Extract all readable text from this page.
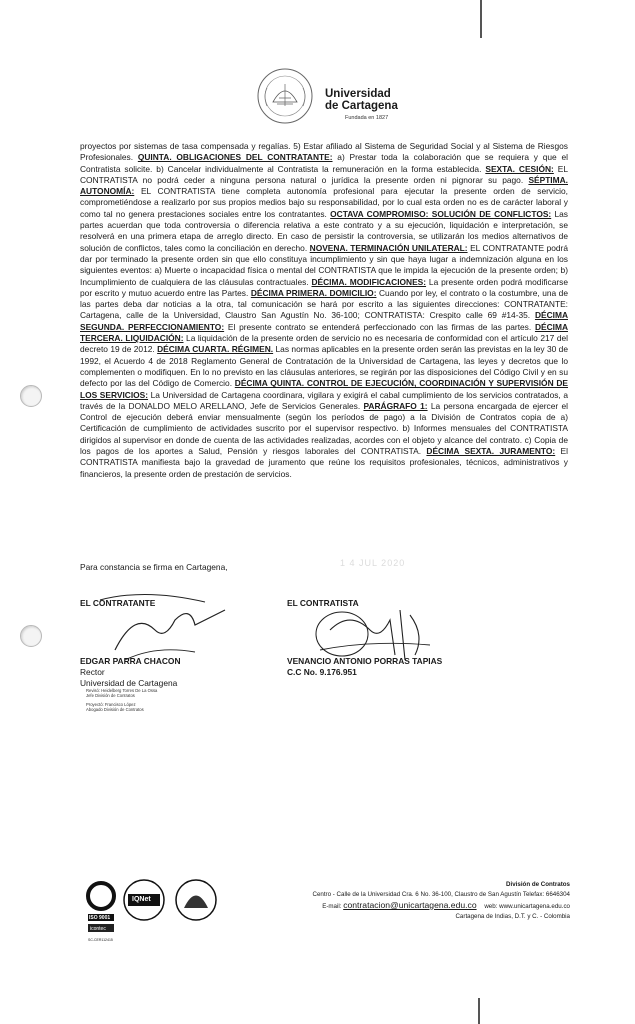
Universidad
de Cartagena
Fundada en 1827
proyectos por sistemas de tasa compensada y regalías. 5) Estar afiliado al Sistema de Seguridad Social y al Sistema de Riesgos Profesionales. QUINTA. OBLIGACIONES DEL CONTRATANTE: a) Prestar toda la colaboración que se requiera y que el Contratista solicite. b) Cancelar individualmente al Contratista la remuneración en la forma establecida. SEXTA. CESIÓN: EL CONTRATISTA no podrá ceder a ninguna persona natural o jurídica la presente orden ni pignorar su pago. SÉPTIMA. AUTONOMÍA: EL CONTRATISTA tiene completa autonomía profesional para ejecutar la presente orden de servicio, comprometiéndose a realizarlo por sus propios medios bajo su responsabilidad, por lo cual esta orden no es de carácter laboral y como tal no genera prestaciones sociales entre los contratantes. OCTAVA COMPROMISO: SOLUCIÓN DE CONFLICTOS: Las partes acuerdan que toda controversia o diferencia relativa a este contrato y a su ejecución, liquidación e interpretación, se resolverá en una primera etapa de arreglo directo. En caso de persistir la controversia, se utilizarán los medios alternativos de solución de conflictos, tales como la conciliación en derecho. NOVENA. TERMINACIÓN UNILATERAL: EL CONTRATANTE podrá dar por terminado la presente orden sin que ello constituya incumplimiento y sin que haya lugar a indemnización alguna en los siguientes eventos: a) Muerte o incapacidad física o mental del CONTRATISTA que le impida la ejecución de la presente orden; b) Incumplimiento de cualquiera de las cláusulas contractuales. DÉCIMA. MODIFICACIONES: La presente orden podrá modificarse por escrito y mutuo acuerdo entre las Partes. DÉCIMA PRIMERA. DOMICILIO: Cuando por ley, el contrato o la costumbre, una de las partes deba dar noticias a la otra, tal comunicación se hará por escrito a las siguientes direcciones: CONTRATANTE: Cartagena, calle de la Universidad, Claustro San Agustín No. 36-100; CONTRATISTA: Crespito calle 69 #14-35. DÉCIMA SEGUNDA. PERFECCIONAMIENTO: El presente contrato se entenderá perfeccionado con las firmas de las partes. DÉCIMA TERCERA. LIQUIDACIÓN: La liquidación de la presente orden de servicio no es necesaria de conformidad con el artículo 217 del decreto 19 de 2012. DÉCIMA CUARTA. RÉGIMEN. Las normas aplicables en la presente orden serán las previstas en la ley 30 de 1992, el Acuerdo 4 de 2018 Reglamento General de Contratación de la Universidad de Cartagena, las leyes y decretos que lo complementen o modifiquen. En lo no previsto en las cláusulas anteriores, se regirán por las disposiciones del Código Civil y en su defecto por las del Código de Comercio. DÉCIMA QUINTA. CONTROL DE EJECUCIÓN, COORDINACIÓN Y SUPERVISIÓN DE LOS SERVICIOS: La Universidad de Cartagena coordinara, vigilara y exigirá el cabal cumplimiento de los servicios contratados, a través de la DONALDO MELO ARELLANO, Jefe de Servicios Generales. PARÁGRAFO 1: La persona encargada de ejercer el Control de ejecución deberá enviar mensualmente (según los períodos de pago) a la División de Contratos copia de a) Certificación de cumplimiento de actividades suscrito por el supervisor respectivo. b) Informes mensuales del CONTRATISTA dirigidos al supervisor en donde de cuenta de las actividades realizadas, acordes con el objeto y alcance del contrato. c) Copia de los pagos de los aportes a Salud, Pensión y riesgos laborales del CONTRATISTA. DÉCIMA SEXTA. JURAMENTO: El CONTRATISTA manifiesta bajo la gravedad de juramento que reúne los requisitos profesionales, técnicos, administrativos y financieros, la presente orden de prestación de servicios.
Para constancia se firma en Cartagena,	1 4 JUL 2020
EL CONTRATANTE
EDGAR PARRA CHACON
Rector
Universidad de Cartagena
EL CONTRATISTA
VENANCIO ANTONIO PORRAS TAPIAS
C.C No. 9.176.951
Revisó: Heidelberg Torres De La Ossa
Jefe División de Contratos
Proyectó: Francisco López
Abogado División de Contratos
ISO 9001
IQNet
icontec
SC-CER112415
División de Contratos
Centro - Calle de la Universidad Cra. 6 No. 36-100, Claustro de San Agustín Telefax: 6646304
E-mail: contratacion@unicartagena.edu.co web: www.unicartagena.edu.co
Cartagena de Indias, D.T. y C. - Colombia
